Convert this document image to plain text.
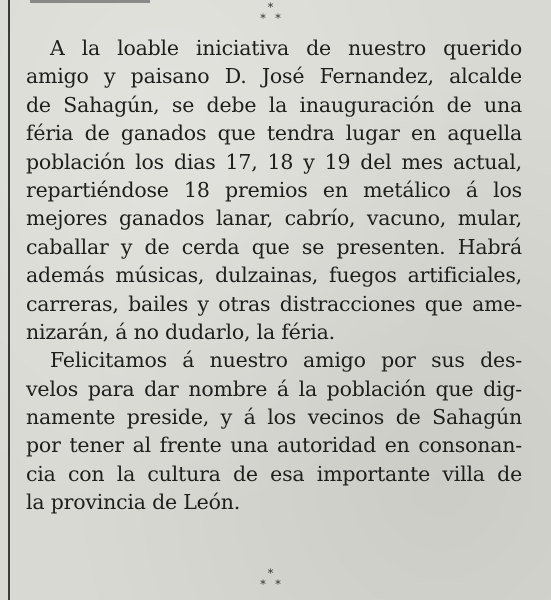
*
* *
A la loable iniciativa de nuestro querido
amigo y paisano D. José Fernandez, alcalde
de Sahagún, se debe la inauguración de una
féria de ganados que tendra lugar en aquella
población los dias 17, 18 y 19 del mes actual,
repartiéndose 18 premios en metálico á los
mejores ganados lanar, cabrío, vacuno, mular,
caballar y de cerda que se presenten. Habrá
además músicas, dulzainas, fuegos artificiales,
carreras, bailes y otras distracciones que ame-
nizarán, á no dudarlo, la féria.
Felicitamos á nuestro amigo por sus des-
velos para dar nombre á la población que dig-
namente preside, y á los vecinos de Sahagún
por tener al frente una autoridad en consonan-
cia con la cultura de esa importante villa de
la provincia de León.
*
* *
